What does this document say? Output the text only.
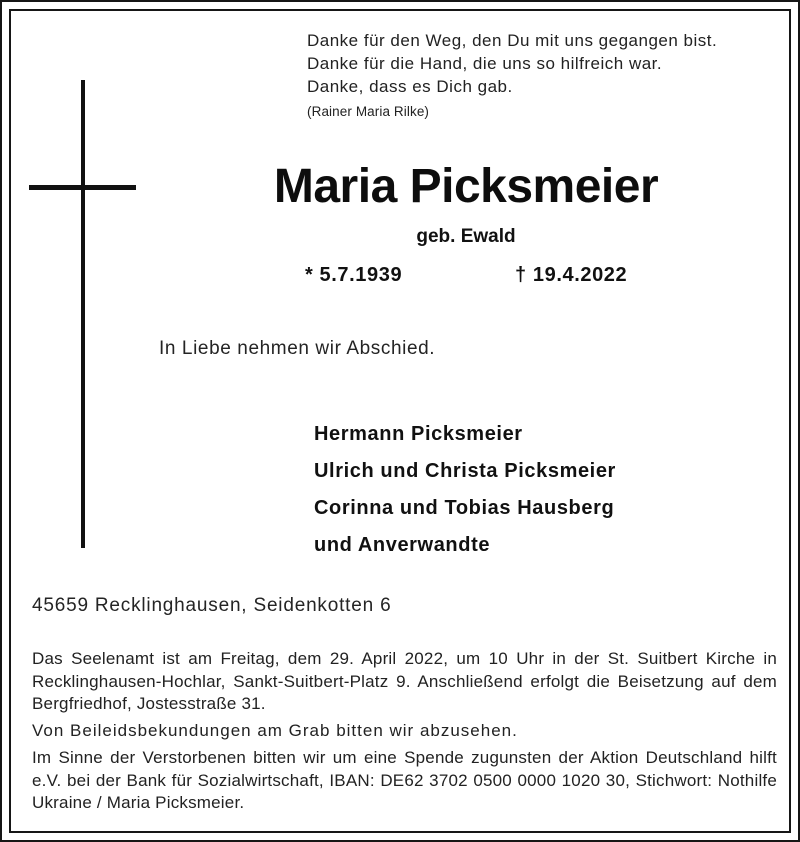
Danke für den Weg, den Du mit uns gegangen bist.
Danke für die Hand, die uns so hilfreich war.
Danke, dass es Dich gab.
(Rainer Maria Rilke)
Maria Picksmeier
geb. Ewald
* 5.7.1939	† 19.4.2022
In Liebe nehmen wir Abschied.
Hermann Picksmeier
Ulrich und Christa Picksmeier
Corinna und Tobias Hausberg
und Anverwandte
45659 Recklinghausen, Seidenkotten 6
Das Seelenamt ist am Freitag, dem 29. April 2022, um 10 Uhr in der St. Suitbert Kirche in Recklinghausen-Hochlar, Sankt-Suitbert-Platz 9. Anschließend erfolgt die Beisetzung auf dem Bergfriedhof, Jostesstraße 31.
Von Beileidsbekundungen am Grab bitten wir abzusehen.
Im Sinne der Verstorbenen bitten wir um eine Spende zugunsten der Aktion Deutschland hilft e.V. bei der Bank für Sozialwirtschaft, IBAN: DE62 3702 0500 0000 1020 30, Stichwort: Nothilfe Ukraine / Maria Picksmeier.
